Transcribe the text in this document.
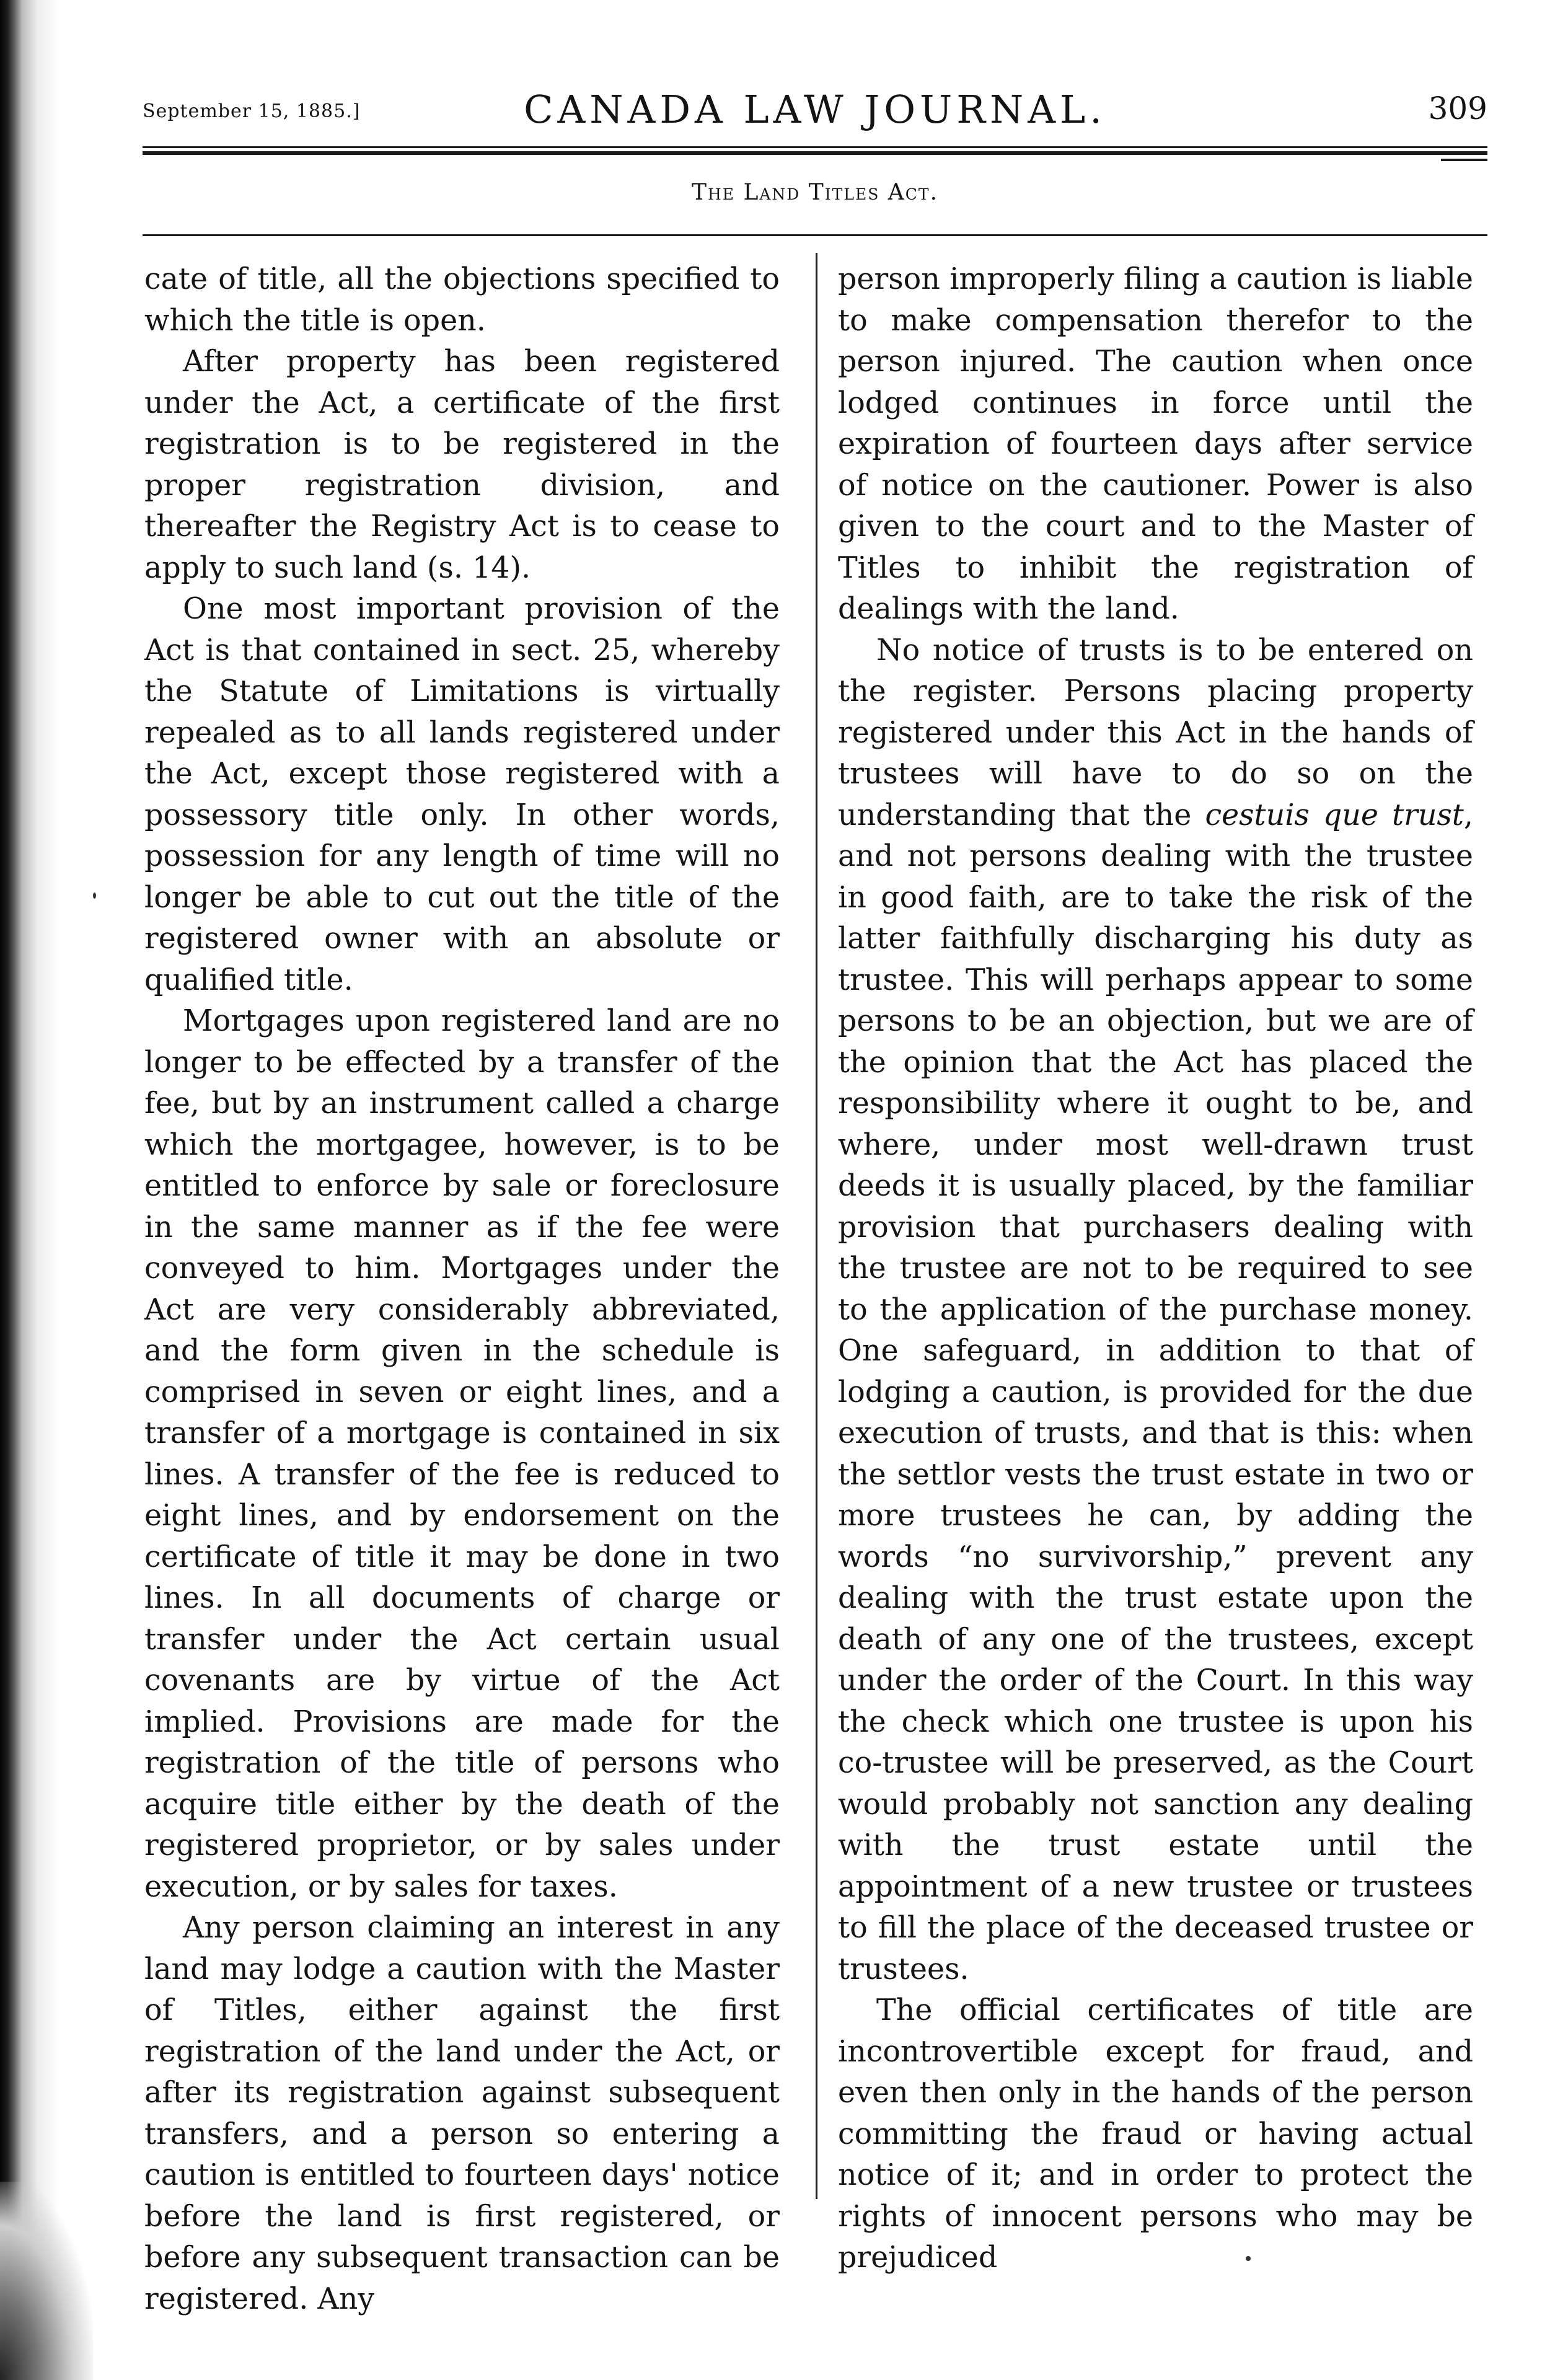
September 15, 1885.]	CANADA LAW JOURNAL.	309
The Land Titles Act.

cate of title, all the objections specified to which the title is open.

After property has been registered under the Act, a certificate of the first registration is to be registered in the proper registration division, and thereafter the Registry Act is to cease to apply to such land (s. 14).

One most important provision of the Act is that contained in sect. 25, whereby the Statute of Limitations is virtually repealed as to all lands registered under the Act, except those registered with a possessory title only. In other words, possession for any length of time will no longer be able to cut out the title of the registered owner with an absolute or qualified title.

Mortgages upon registered land are no longer to be effected by a transfer of the fee, but by an instrument called a charge which the mortgagee, however, is to be entitled to enforce by sale or foreclosure in the same manner as if the fee were conveyed to him. Mortgages under the Act are very considerably abbreviated, and the form given in the schedule is comprised in seven or eight lines, and a transfer of a mortgage is contained in six lines. A transfer of the fee is reduced to eight lines, and by endorsement on the certificate of title it may be done in two lines. In all documents of charge or transfer under the Act certain usual covenants are by virtue of the Act implied. Provisions are made for the registration of the title of persons who acquire title either by the death of the registered proprietor, or by sales under execution, or by sales for taxes.

Any person claiming an interest in any land may lodge a caution with the Master of Titles, either against the first registration of the land under the Act, or after its registration against subsequent transfers, and a person so entering a caution is entitled to fourteen days' notice before the land is first registered, or before any subsequent transaction can be registered. Any

person improperly filing a caution is liable to make compensation therefor to the person injured. The caution when once lodged continues in force until the expiration of fourteen days after service of notice on the cautioner. Power is also given to the court and to the Master of Titles to inhibit the registration of dealings with the land.

No notice of trusts is to be entered on the register. Persons placing property registered under this Act in the hands of trustees will have to do so on the understanding that the cestuis que trust, and not persons dealing with the trustee in good faith, are to take the risk of the latter faithfully discharging his duty as trustee. This will perhaps appear to some persons to be an objection, but we are of the opinion that the Act has placed the responsibility where it ought to be, and where, under most well-drawn trust deeds it is usually placed, by the familiar provision that purchasers dealing with the trustee are not to be required to see to the application of the purchase money. One safeguard, in addition to that of lodging a caution, is provided for the due execution of trusts, and that is this: when the settlor vests the trust estate in two or more trustees he can, by adding the words “no survivorship,” prevent any dealing with the trust estate upon the death of any one of the trustees, except under the order of the Court. In this way the check which one trustee is upon his co-trustee will be preserved, as the Court would probably not sanction any dealing with the trust estate until the appointment of a new trustee or trustees to fill the place of the deceased trustee or trustees.

The official certificates of title are incontrovertible except for fraud, and even then only in the hands of the person committing the fraud or having actual notice of it; and in order to protect the rights of innocent persons who may be prejudiced
